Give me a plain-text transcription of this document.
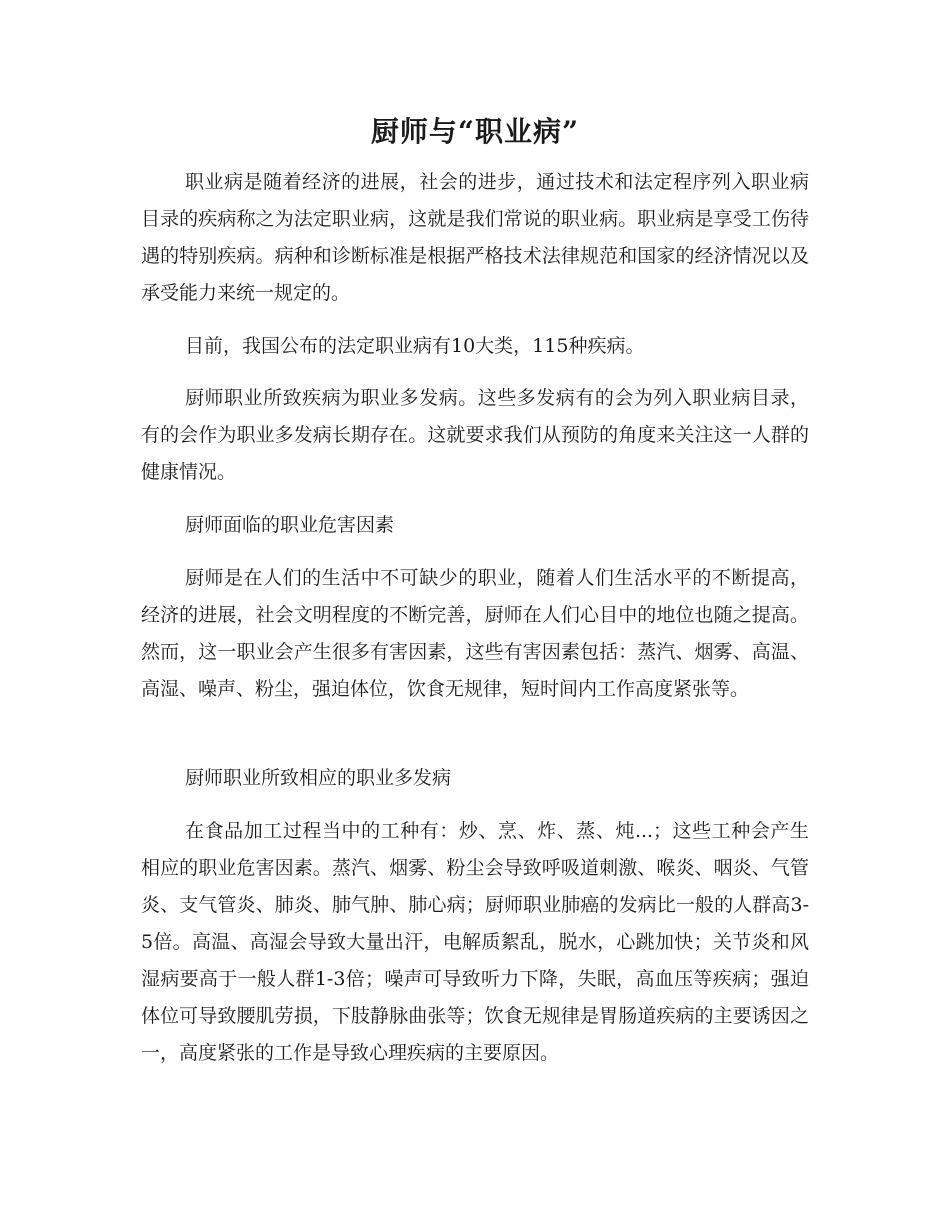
厨师与“职业病”

职业病是随着经济的进展，社会的进步，通过技术和法定程序列入职业病目录的疾病称之为法定职业病，这就是我们常说的职业病。职业病是享受工伤待遇的特别疾病。病种和诊断标准是根据严格技术法律规范和国家的经济情况以及承受能力来统一规定的。

目前，我国公布的法定职业病有10大类，115种疾病。

厨师职业所致疾病为职业多发病。这些多发病有的会为列入职业病目录，有的会作为职业多发病长期存在。这就要求我们从预防的角度来关注这一人群的健康情况。

厨师面临的职业危害因素

厨师是在人们的生活中不可缺少的职业，随着人们生活水平的不断提高，经济的进展，社会文明程度的不断完善，厨师在人们心目中的地位也随之提高。然而，这一职业会产生很多有害因素，这些有害因素包括：蒸汽、烟雾、高温、高湿、噪声、粉尘，强迫体位，饮食无规律，短时间内工作高度紧张等。

厨师职业所致相应的职业多发病

在食品加工过程当中的工种有：炒、烹、炸、蒸、炖...；这些工种会产生相应的职业危害因素。蒸汽、烟雾、粉尘会导致呼吸道刺激、喉炎、咽炎、气管炎、支气管炎、肺炎、肺气肿、肺心病；厨师职业肺癌的发病比一般的人群高3-5倍。高温、高湿会导致大量出汗，电解质絮乱，脱水，心跳加快；关节炎和风湿病要高于一般人群1-3倍；噪声可导致听力下降，失眠，高血压等疾病；强迫体位可导致腰肌劳损，下肢静脉曲张等；饮食无规律是胃肠道疾病的主要诱因之一，高度紧张的工作是导致心理疾病的主要原因。
